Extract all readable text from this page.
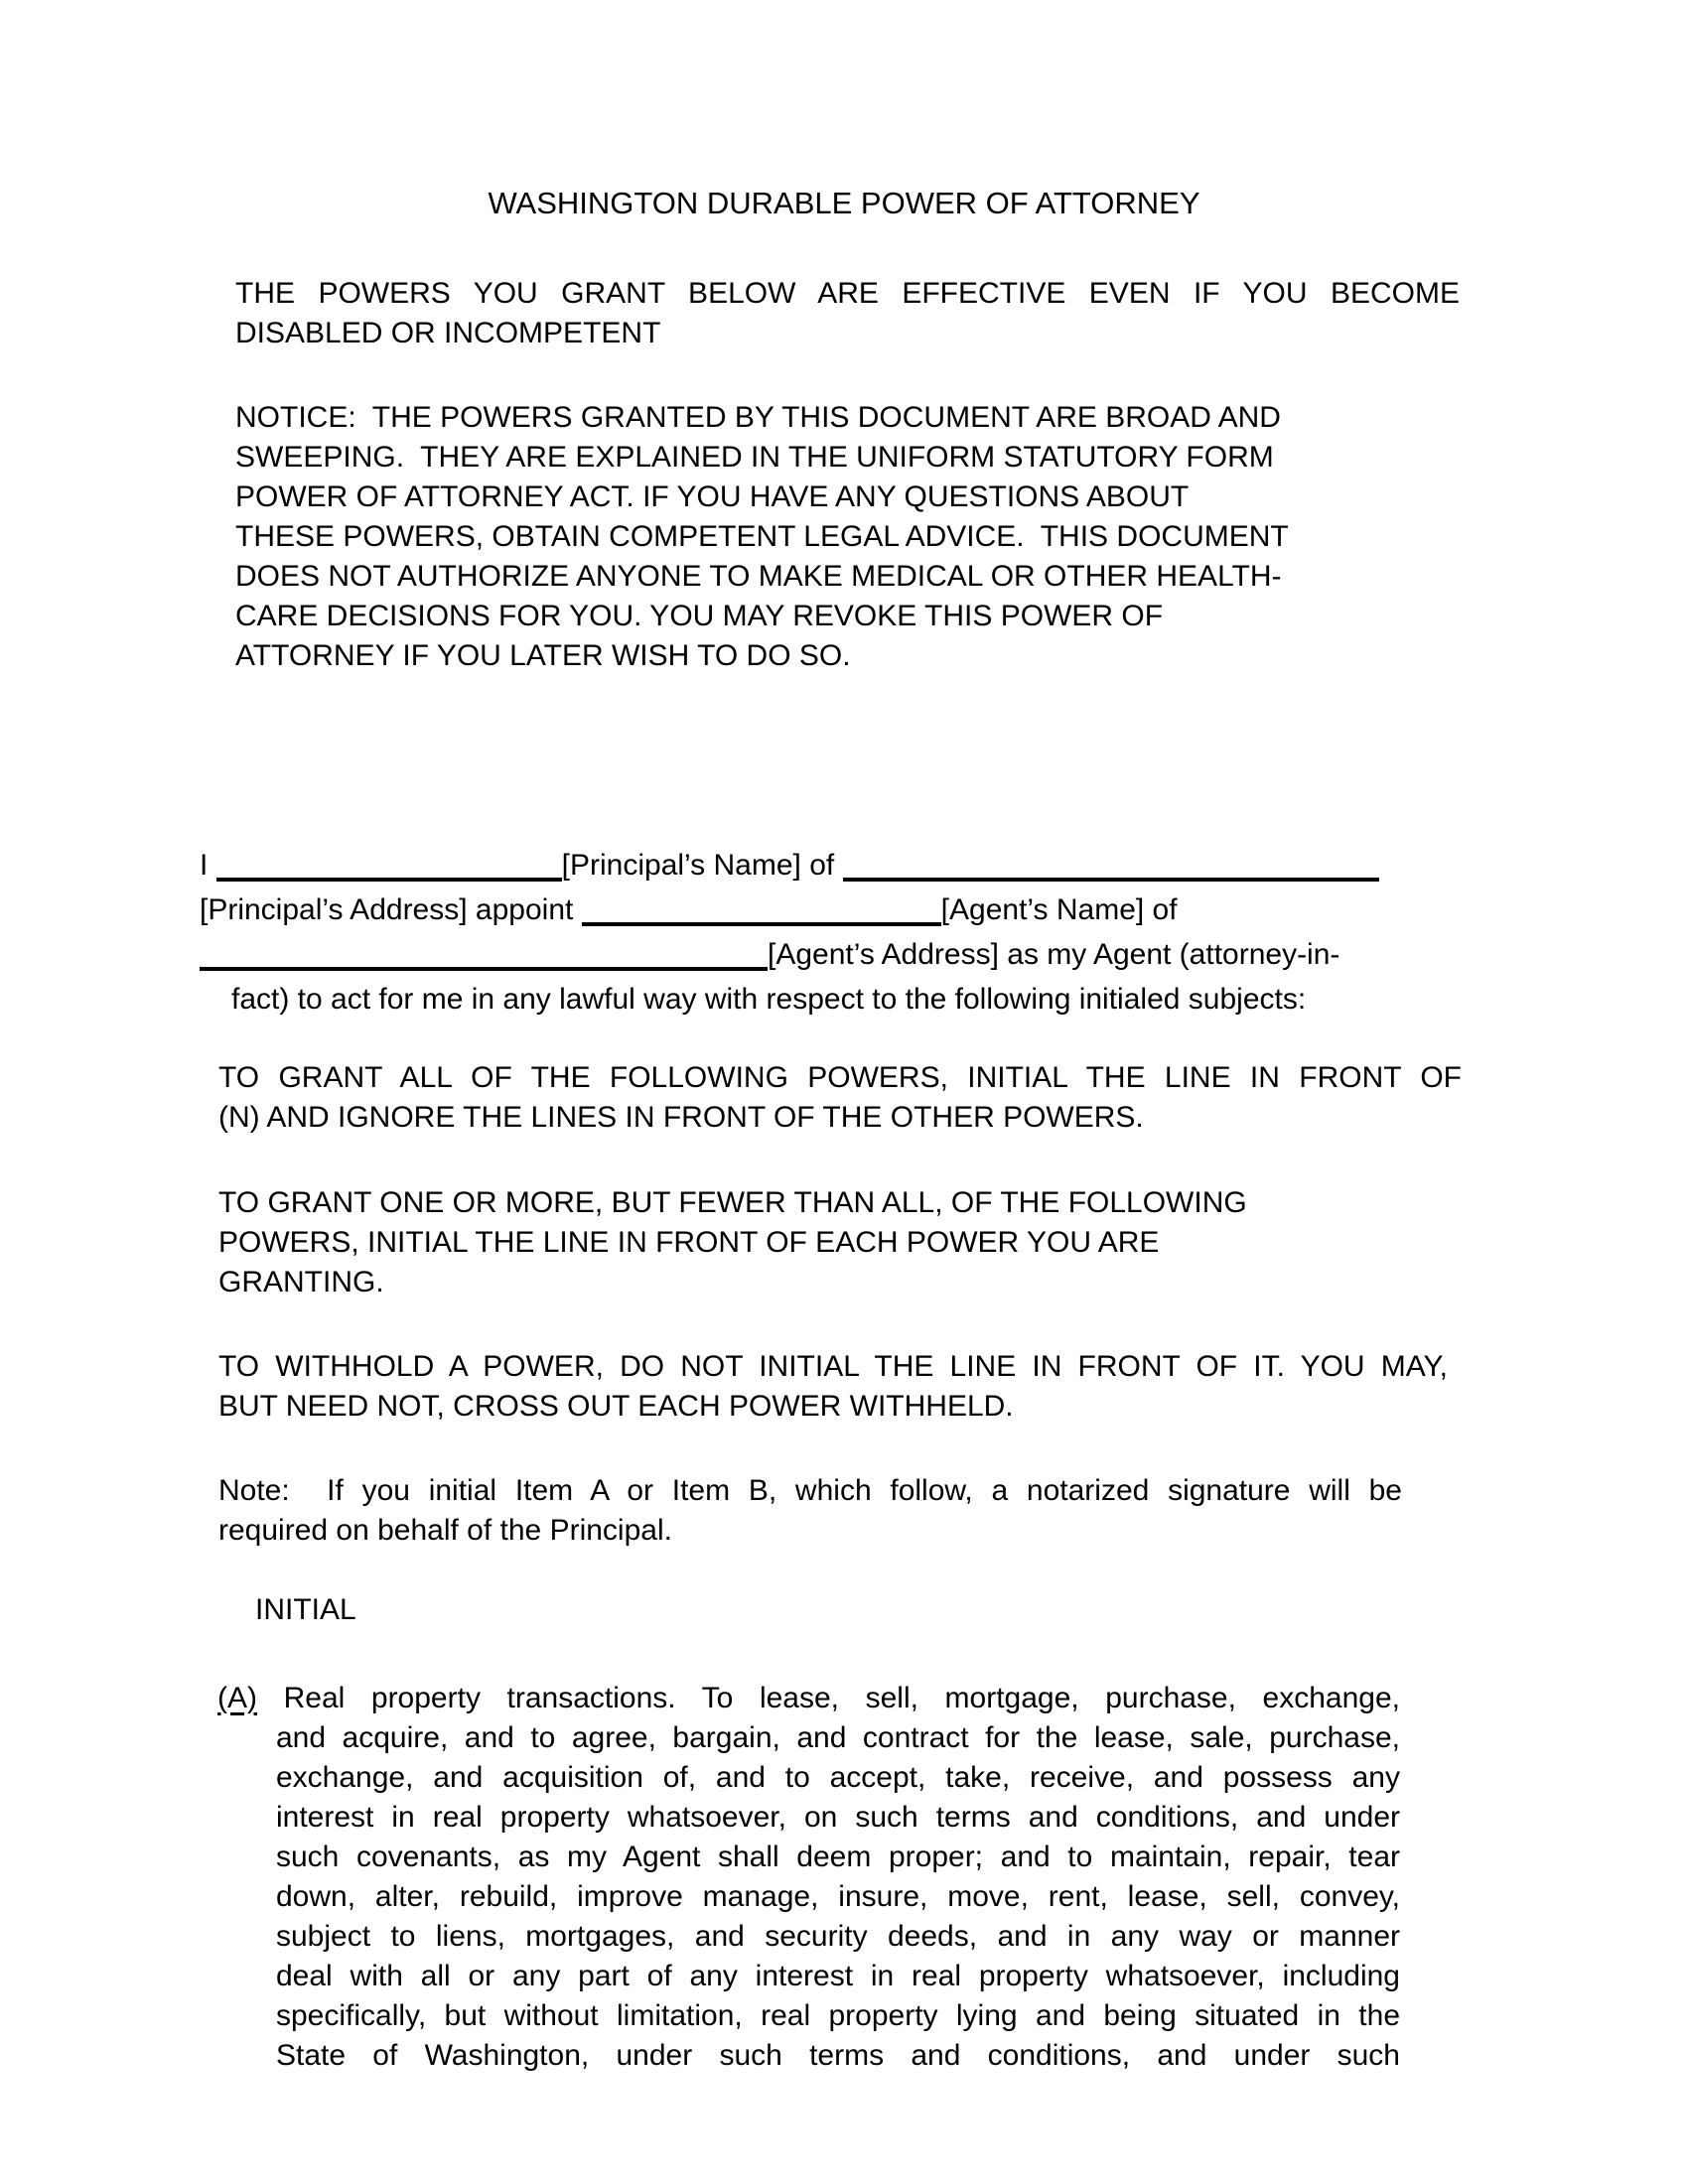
WASHINGTON DURABLE POWER OF ATTORNEY
THE POWERS YOU GRANT BELOW ARE EFFECTIVE EVEN IF YOU BECOME
DISABLED OR INCOMPETENT
NOTICE:  THE POWERS GRANTED BY THIS DOCUMENT ARE BROAD AND
SWEEPING.  THEY ARE EXPLAINED IN THE UNIFORM STATUTORY FORM
POWER OF ATTORNEY ACT. IF YOU HAVE ANY QUESTIONS ABOUT
THESE POWERS, OBTAIN COMPETENT LEGAL ADVICE.  THIS DOCUMENT
DOES NOT AUTHORIZE ANYONE TO MAKE MEDICAL OR OTHER HEALTH-
CARE DECISIONS FOR YOU. YOU MAY REVOKE THIS POWER OF
ATTORNEY IF YOU LATER WISH TO DO SO.
I	[Principal’s Name] of
[Principal’s Address] appoint	[Agent’s Name] of
[Agent’s Address] as my Agent (attorney-in-
fact) to act for me in any lawful way with respect to the following initialed subjects:
TO GRANT ALL OF THE FOLLOWING POWERS, INITIAL THE LINE IN FRONT OF
(N) AND IGNORE THE LINES IN FRONT OF THE OTHER POWERS.
TO GRANT ONE OR MORE, BUT FEWER THAN ALL, OF THE FOLLOWING
POWERS, INITIAL THE LINE IN FRONT OF EACH POWER YOU ARE
GRANTING.
TO WITHHOLD A POWER, DO NOT INITIAL THE LINE IN FRONT OF IT. YOU MAY,
BUT NEED NOT, CROSS OUT EACH POWER WITHHELD.
Note:  If you initial Item A or Item B, which follow, a notarized signature will be
required on behalf of the Principal.
INITIAL
(A) Real property transactions. To lease, sell, mortgage, purchase, exchange,
and acquire, and to agree, bargain, and contract for the lease, sale, purchase,
exchange, and acquisition of, and to accept, take, receive, and possess any
interest in real property whatsoever, on such terms and conditions, and under
such covenants, as my Agent shall deem proper; and to maintain, repair, tear
down, alter, rebuild, improve manage, insure, move, rent, lease, sell, convey,
subject to liens, mortgages, and security deeds, and in any way or manner
deal with all or any part of any interest in real property whatsoever, including
specifically, but without limitation, real property lying and being situated in the
State of Washington, under such terms and conditions, and under such
